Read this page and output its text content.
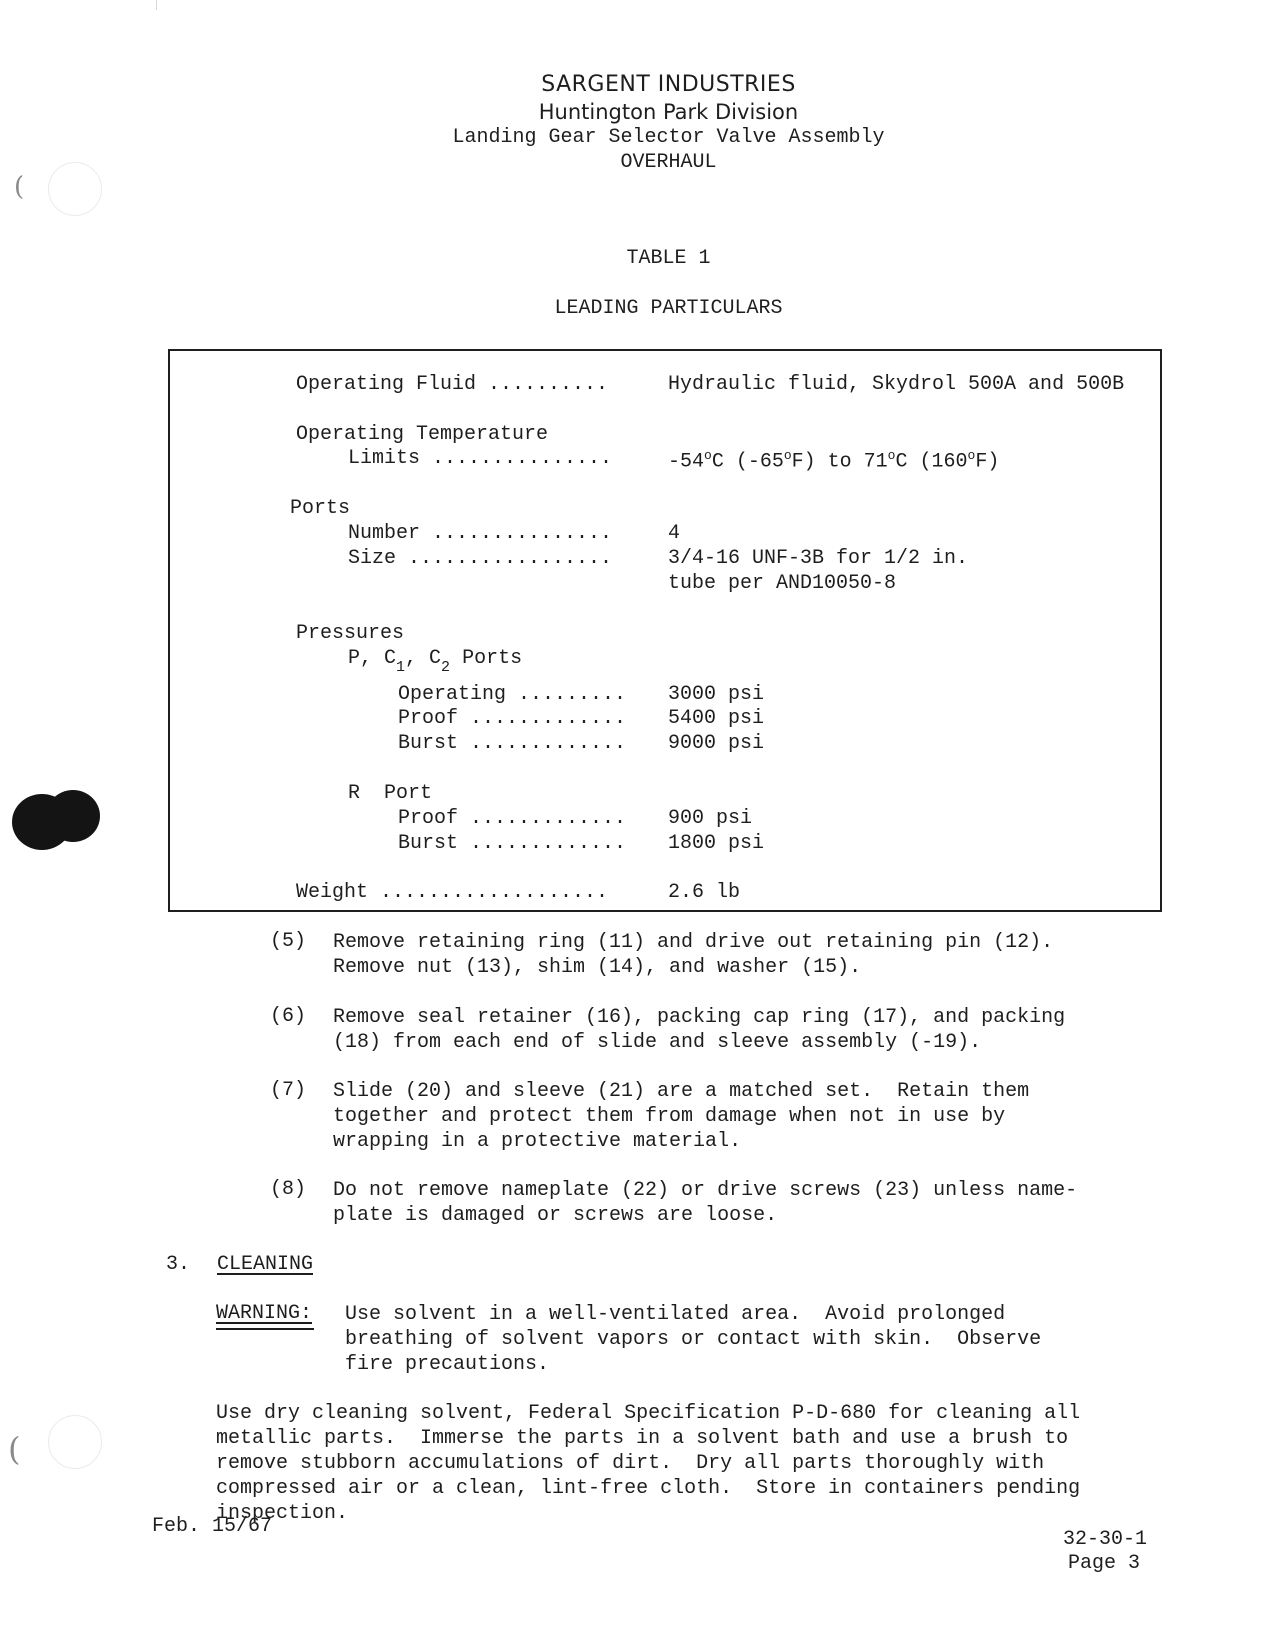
(
(
SARGENT INDUSTRIES
Huntington Park Division
Landing Gear Selector Valve Assembly
OVERHAUL
TABLE 1
LEADING PARTICULARS
Operating Fluid ..........	Hydraulic fluid, Skydrol 500A and 500B
Operating Temperature
Limits ...............	-54$^o$C (-65$^o$F) to 71$^o$C (160$^o$F)
Ports
Number ...............	4
Size .................	3/4-16 UNF-3B for 1/2 in.
tube per AND10050-8
Pressures
P, $C_1$, $C_2$ Ports
Operating ......... 3000 psi
Proof ............. 5400 psi
Burst ............. 9000 psi
R  Port
Proof ............. 900 psi
Burst ............. 1800 psi
Weight ...................	2.6 lb
(5) Remove retaining ring (11) and drive out retaining pin (12).
Remove nut (13), shim (14), and washer (15).
(6) Remove seal retainer (16), packing cap ring (17), and packing
(18) from each end of slide and sleeve assembly (-19).
(7) Slide (20) and sleeve (21) are a matched set.  Retain them
together and protect them from damage when not in use by
wrapping in a protective material.
(8) Do not remove nameplate (22) or drive screws (23) unless name-
plate is damaged or screws are loose.
3. CLEANING
WARNING: Use solvent in a well-ventilated area.  Avoid prolonged
breathing of solvent vapors or contact with skin.  Observe
fire precautions.
Use dry cleaning solvent, Federal Specification P-D-680 for cleaning all
metallic parts.  Immerse the parts in a solvent bath and use a brush to
remove stubborn accumulations of dirt.  Dry all parts thoroughly with
compressed air or a clean, lint-free cloth.  Store in containers pending
inspection.
Feb. 15/67
32-30-1
Page 3
